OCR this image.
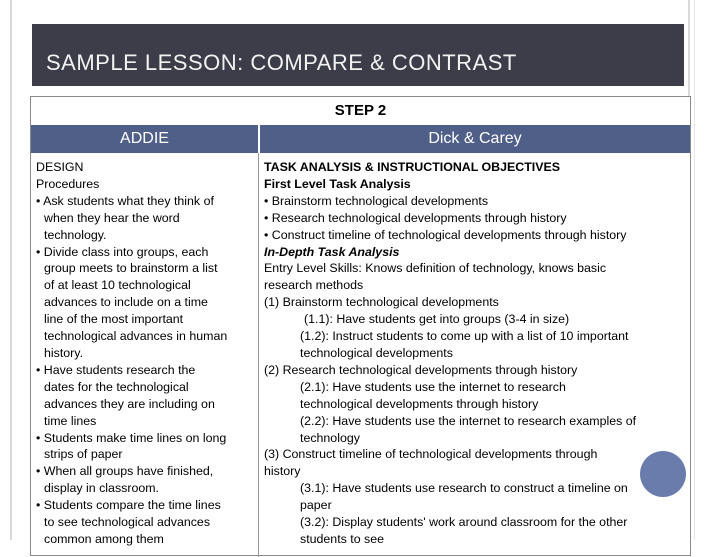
SAMPLE LESSON: COMPARE & CONTRAST
STEP 2
ADDIE	Dick & Carey
DESIGN
Procedures
• Ask students what they think of
when they hear the word
technology.
• Divide class into groups, each
group meets to brainstorm a list
of at least 10 technological
advances to include on a time
line of the most important
technological advances in human
history.
• Have students research the
dates for the technological
advances they are including on
time lines
• Students make time lines on long
strips of paper
• When all groups have finished,
display in classroom.
• Students compare the time lines
to see technological advances
common among them
TASK ANALYSIS & INSTRUCTIONAL OBJECTIVES
First Level Task Analysis
• Brainstorm technological developments
• Research technological developments through history
• Construct timeline of technological developments through history
In-Depth Task Analysis
Entry Level Skills: Knows definition of technology, knows basic
research methods
(1) Brainstorm technological developments
(1.1): Have students get into groups (3-4 in size)
(1.2): Instruct students to come up with a list of 10 important
technological developments
(2) Research technological developments through history
(2.1): Have students use the internet to research
technological developments through history
(2.2): Have students use the internet to research examples of
technology
(3) Construct timeline of technological developments through
history
(3.1): Have students use research to construct a timeline on
paper
(3.2): Display students' work around classroom for the other
students to see
